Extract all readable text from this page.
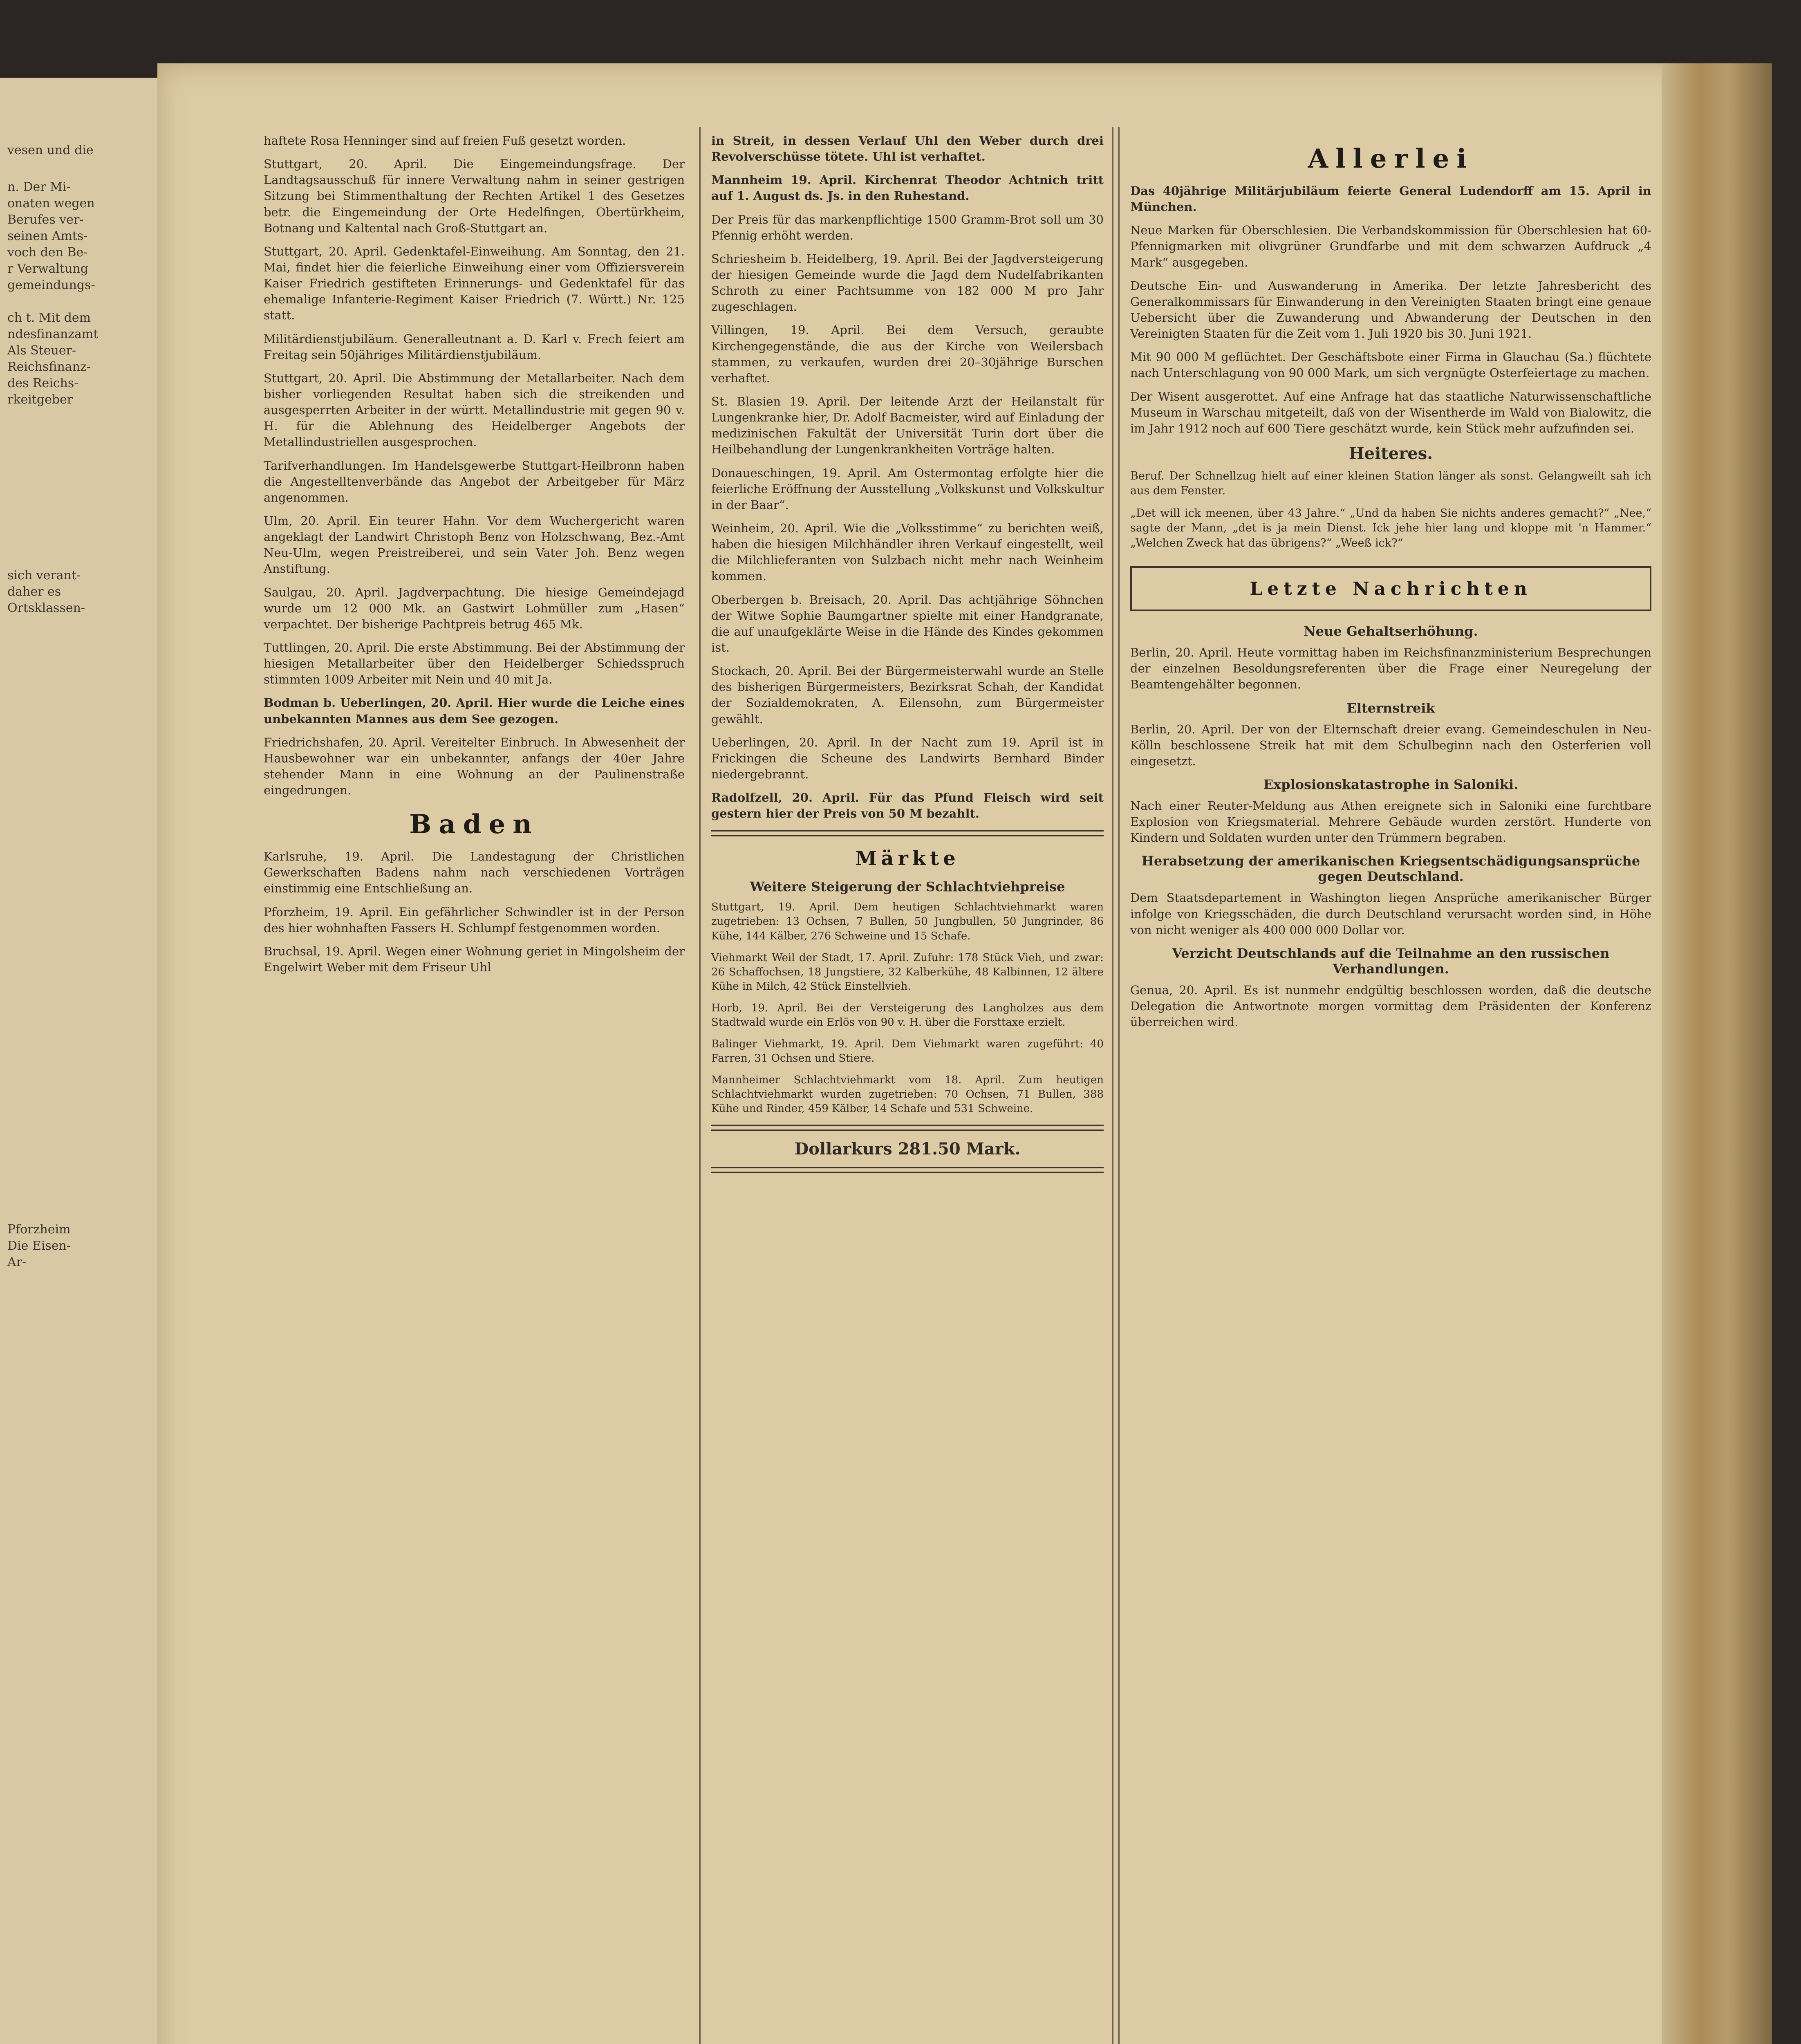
vesen und die
n. Der Mi-
onaten wegen
Berufes ver-
seinen Amts-
voch den Be-
r Verwaltung
gemeindungs-
ch t. Mit dem
ndesfinanzamt
Als Steuer-
Reichsfinanz-
des Reichs-
rkeitgeber
sich verant-
daher es
Ortsklassen-
Pforzheim
Die Eisen-
Ar-

haftete Rosa Henninger sind auf freien Fuß gesetzt worden.

Stuttgart, 20. April. Die Eingemeindungsfrage. Der Landtagsausschuß für innere Verwaltung nahm in seiner gestrigen Sitzung bei Stimmenthaltung der Rechten Artikel 1 des Gesetzes betr. die Eingemeindung der Orte Hedelfingen, Obertürkheim, Botnang und Kaltental nach Groß-Stuttgart an.

Stuttgart, 20. April. Gedenktafel-Einweihung. Am Sonntag, den 21. Mai, findet hier die feierliche Einweihung einer vom Offiziersverein Kaiser Friedrich gestifteten Erinnerungs- und Gedenktafel für das ehemalige Infanterie-Regiment Kaiser Friedrich (7. Württ.) Nr. 125 statt.

Militärdienstjubiläum. Generalleutnant a. D. Karl v. Frech feiert am Freitag sein 50jähriges Militärdienstjubiläum.

Stuttgart, 20. April. Die Abstimmung der Metallarbeiter. Nach dem bisher vorliegenden Resultat haben sich die streikenden und ausgesperrten Arbeiter in der württ. Metallindustrie mit gegen 90 v. H. für die Ablehnung des Heidelberger Angebots der Metallindustriellen ausgesprochen.

Tarifverhandlungen. Im Handelsgewerbe Stuttgart-Heilbronn haben die Angestelltenverbände das Angebot der Arbeitgeber für März angenommen.

Ulm, 20. April. Ein teurer Hahn. Vor dem Wuchergericht waren angeklagt der Landwirt Christoph Benz von Holzschwang, Bez.-Amt Neu-Ulm, wegen Preistreiberei, und sein Vater Joh. Benz wegen Anstiftung.

Saulgau, 20. April. Jagdverpachtung. Die hiesige Gemeindejagd wurde um 12 000 Mk. an Gastwirt Lohmüller zum „Hasen“ verpachtet. Der bisherige Pachtpreis betrug 465 Mk.

Tuttlingen, 20. April. Die erste Abstimmung. Bei der Abstimmung der hiesigen Metallarbeiter über den Heidelberger Schiedsspruch stimmten 1009 Arbeiter mit Nein und 40 mit Ja.

Bodman b. Ueberlingen, 20. April. Hier wurde die Leiche eines unbekannten Mannes aus dem See gezogen.

Friedrichshafen, 20. April. Vereitelter Einbruch. In Abwesenheit der Hausbewohner war ein unbekannter, anfangs der 40er Jahre stehender Mann in eine Wohnung an der Paulinenstraße eingedrungen.

Baden

Karlsruhe, 19. April. Die Landestagung der Christlichen Gewerkschaften Badens nahm nach verschiedenen Vorträgen einstimmig eine Entschließung an.

Pforzheim, 19. April. Ein gefährlicher Schwindler ist in der Person des hier wohnhaften Fassers H. Schlumpf festgenommen worden.

Bruchsal, 19. April. Wegen einer Wohnung geriet in Mingolsheim der Engelwirt Weber mit dem Friseur Uhl

in Streit, in dessen Verlauf Uhl den Weber durch drei Revolverschüsse tötete. Uhl ist verhaftet.

Mannheim 19. April. Kirchenrat Theodor Achtnich tritt auf 1. August ds. Js. in den Ruhestand.

Der Preis für das markenpflichtige 1500 Gramm-Brot soll um 30 Pfennig erhöht werden.

Schriesheim b. Heidelberg, 19. April. Bei der Jagdversteigerung der hiesigen Gemeinde wurde die Jagd dem Nudelfabrikanten Schroth zu einer Pachtsumme von 182 000 M pro Jahr zugeschlagen.

Villingen, 19. April. Bei dem Versuch, geraubte Kirchengegenstände, die aus der Kirche von Weilersbach stammen, zu verkaufen, wurden drei 20–30jährige Burschen verhaftet.

St. Blasien 19. April. Der leitende Arzt der Heilanstalt für Lungenkranke hier, Dr. Adolf Bacmeister, wird auf Einladung der medizinischen Fakultät der Universität Turin dort über die Heilbehandlung der Lungenkrankheiten Vorträge halten.

Donaueschingen, 19. April. Am Ostermontag erfolgte hier die feierliche Eröffnung der Ausstellung „Volkskunst und Volkskultur in der Baar“.

Weinheim, 20. April. Wie die „Volksstimme“ zu berichten weiß, haben die hiesigen Milchhändler ihren Verkauf eingestellt, weil die Milchlieferanten von Sulzbach nicht mehr nach Weinheim kommen.

Oberbergen b. Breisach, 20. April. Das achtjährige Söhnchen der Witwe Sophie Baumgartner spielte mit einer Handgranate, die auf unaufgeklärte Weise in die Hände des Kindes gekommen ist.

Stockach, 20. April. Bei der Bürgermeisterwahl wurde an Stelle des bisherigen Bürgermeisters, Bezirksrat Schah, der Kandidat der Sozialdemokraten, A. Eilensohn, zum Bürgermeister gewählt.

Ueberlingen, 20. April. In der Nacht zum 19. April ist in Frickingen die Scheune des Landwirts Bernhard Binder niedergebrannt.

Radolfzell, 20. April. Für das Pfund Fleisch wird seit gestern hier der Preis von 50 M bezahlt.

Märkte
Weitere Steigerung der Schlachtviehpreise

Stuttgart, 19. April. Dem heutigen Schlachtviehmarkt waren zugetrieben: 13 Ochsen, 7 Bullen, 50 Jungbullen, 50 Jungrinder, 86 Kühe, 144 Kälber, 276 Schweine und 15 Schafe.

Viehmarkt Weil der Stadt, 17. April. Zufuhr: 178 Stück Vieh, und zwar: 26 Schaffochsen, 18 Jungstiere, 32 Kalberkühe, 48 Kalbinnen, 12 ältere Kühe in Milch, 42 Stück Einstellvieh.

Horb, 19. April. Bei der Versteigerung des Langholzes aus dem Stadtwald wurde ein Erlös von 90 v. H. über die Forsttaxe erzielt.

Balinger Viehmarkt, 19. April. Dem Viehmarkt waren zugeführt: 40 Farren, 31 Ochsen und Stiere.

Mannheimer Schlachtviehmarkt vom 18. April. Zum heutigen Schlachtviehmarkt wurden zugetrieben: 70 Ochsen, 71 Bullen, 388 Kühe und Rinder, 459 Kälber, 14 Schafe und 531 Schweine.

Dollarkurs 281.50 Mark.
Allerlei

Das 40jährige Militärjubiläum feierte General Ludendorff am 15. April in München.

Neue Marken für Oberschlesien. Die Verbandskommission für Oberschlesien hat 60-Pfennigmarken mit olivgrüner Grundfarbe und mit dem schwarzen Aufdruck „4 Mark“ ausgegeben.

Deutsche Ein- und Auswanderung in Amerika. Der letzte Jahresbericht des Generalkommissars für Einwanderung in den Vereinigten Staaten bringt eine genaue Uebersicht über die Zuwanderung und Abwanderung der Deutschen in den Vereinigten Staaten für die Zeit vom 1. Juli 1920 bis 30. Juni 1921.

Mit 90 000 M geflüchtet. Der Geschäftsbote einer Firma in Glauchau (Sa.) flüchtete nach Unterschlagung von 90 000 Mark, um sich vergnügte Osterfeiertage zu machen.

Der Wisent ausgerottet. Auf eine Anfrage hat das staatliche Naturwissenschaftliche Museum in Warschau mitgeteilt, daß von der Wisentherde im Wald von Bialowitz, die im Jahr 1912 noch auf 600 Tiere geschätzt wurde, kein Stück mehr aufzufinden sei.

Heiteres.

Beruf. Der Schnellzug hielt auf einer kleinen Station länger als sonst. Gelangweilt sah ich aus dem Fenster.

„Det will ick meenen, über 43 Jahre.“ „Und da haben Sie nichts anderes gemacht?“ „Nee,“ sagte der Mann, „det is ja mein Dienst. Ick jehe hier lang und kloppe mit 'n Hammer.“ „Welchen Zweck hat das übrigens?“ „Weeß ick?“

Letzte Nachrichten
Neue Gehaltserhöhung.

Berlin, 20. April. Heute vormittag haben im Reichsfinanzministerium Besprechungen der einzelnen Besoldungsreferenten über die Frage einer Neuregelung der Beamtengehälter begonnen.

Elternstreik

Berlin, 20. April. Der von der Elternschaft dreier evang. Gemeindeschulen in Neu-Kölln beschlossene Streik hat mit dem Schulbeginn nach den Osterferien voll eingesetzt.

Explosionskatastrophe in Saloniki.

Nach einer Reuter-Meldung aus Athen ereignete sich in Saloniki eine furchtbare Explosion von Kriegsmaterial. Mehrere Gebäude wurden zerstört. Hunderte von Kindern und Soldaten wurden unter den Trümmern begraben.

Herabsetzung der amerikanischen Kriegsentschädigungsansprüche gegen Deutschland.

Dem Staatsdepartement in Washington liegen Ansprüche amerikanischer Bürger infolge von Kriegsschäden, die durch Deutschland verursacht worden sind, in Höhe von nicht weniger als 400 000 000 Dollar vor.

Verzicht Deutschlands auf die Teilnahme an den russischen Verhandlungen.

Genua, 20. April. Es ist nunmehr endgültig beschlossen worden, daß die deutsche Delegation die Antwortnote morgen vormittag dem Präsidenten der Konferenz überreichen wird.
